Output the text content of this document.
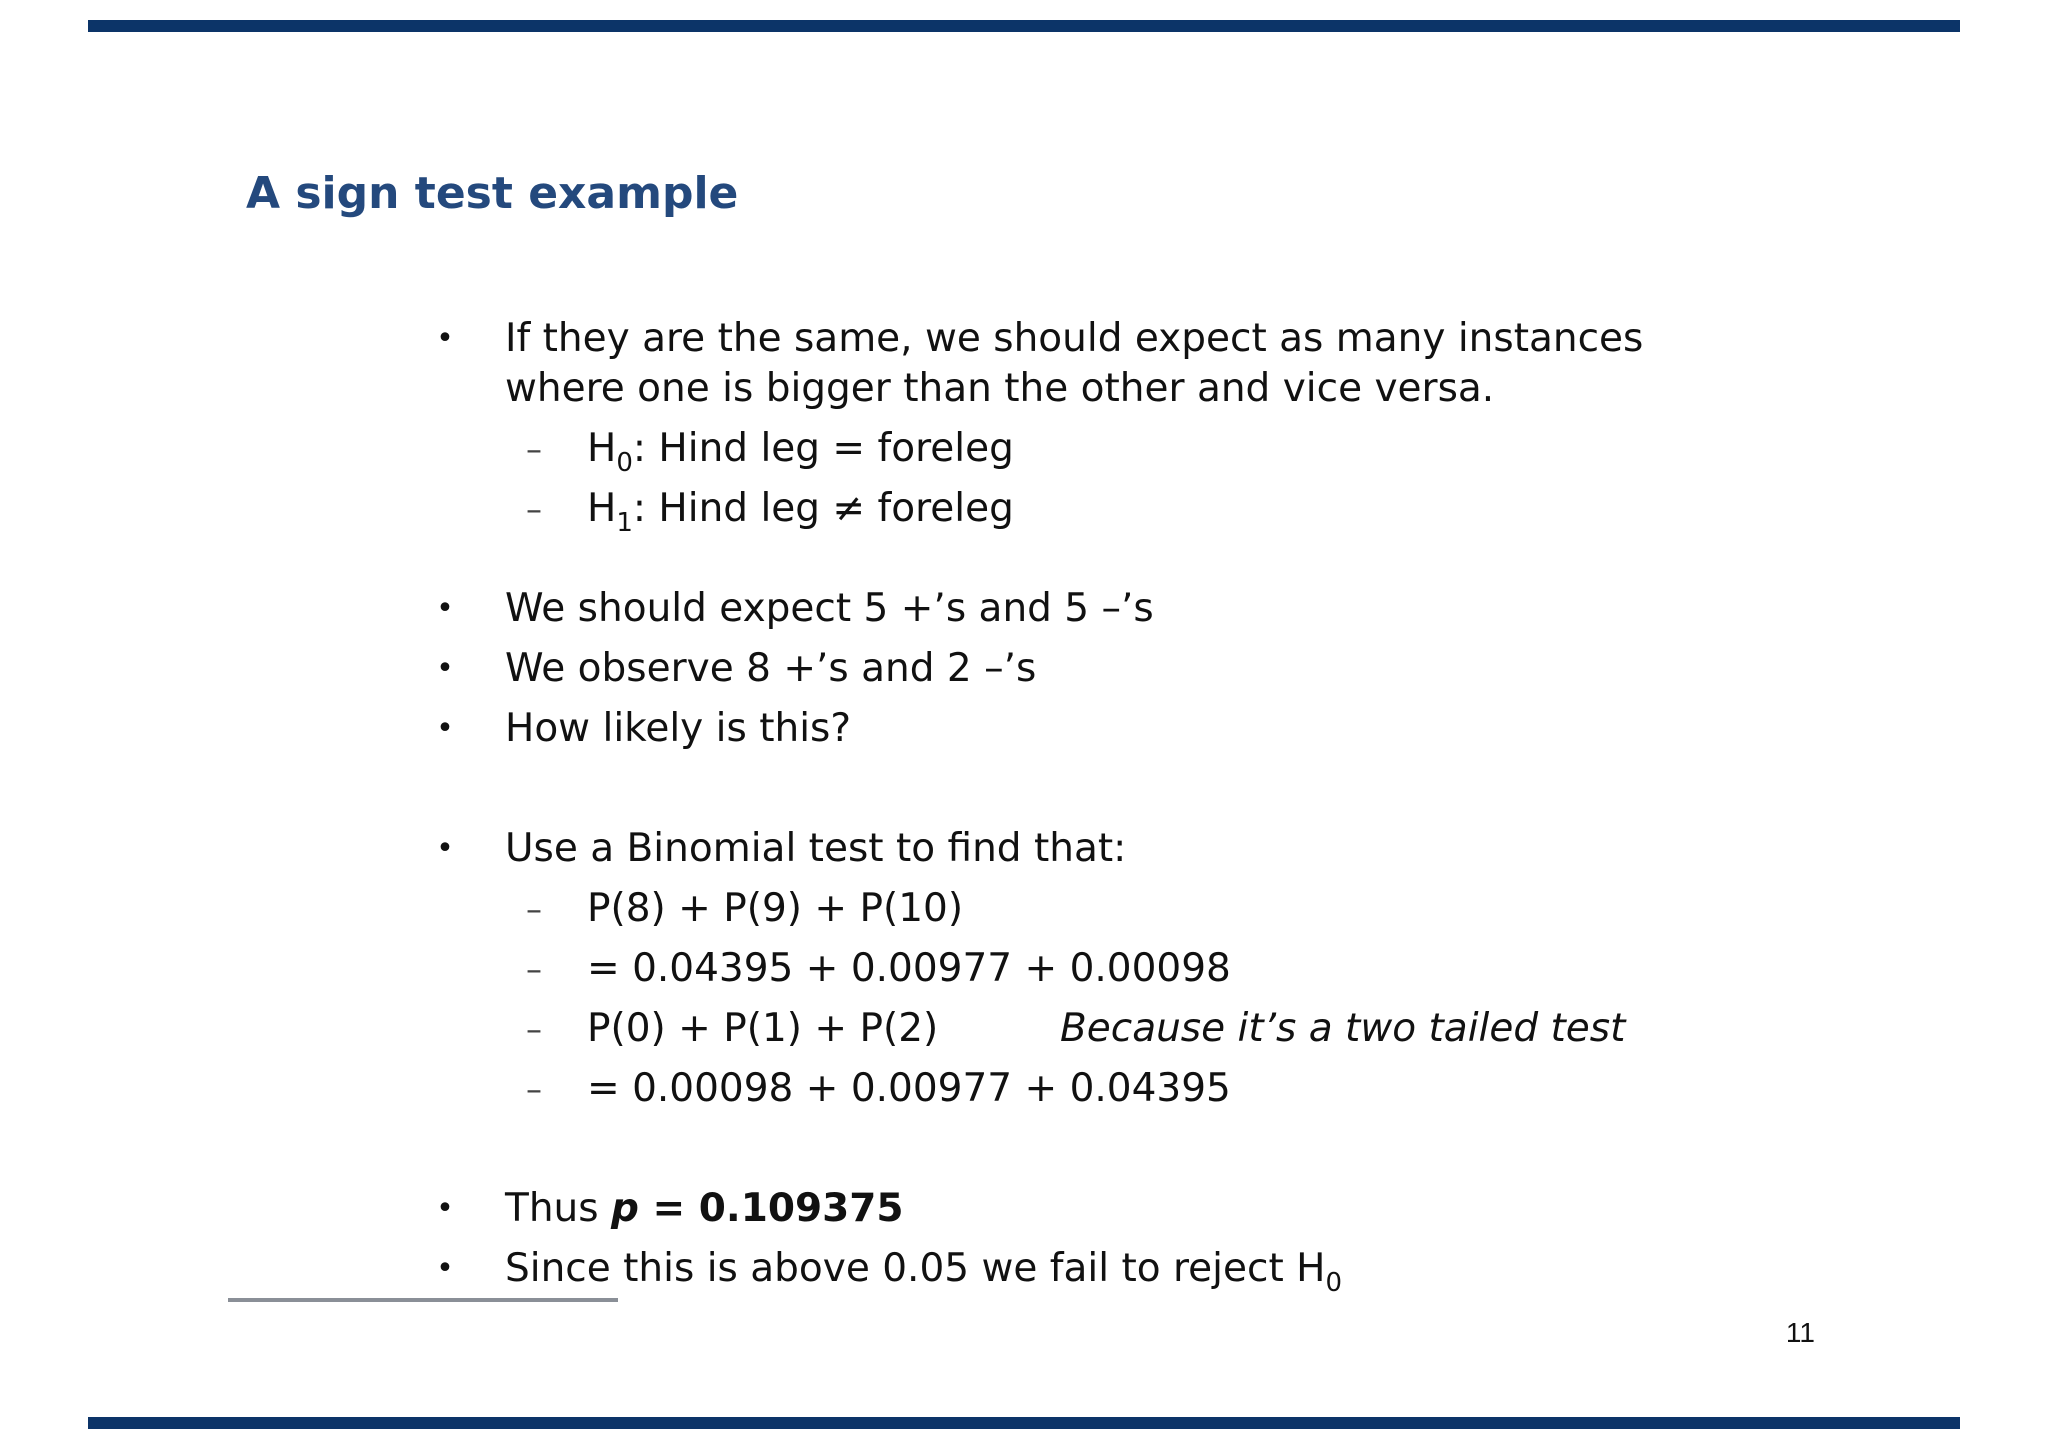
A sign test example
• If they are the same, we should expect as many instances
where one is bigger than the other and vice versa.
– $H_0$: Hind leg = foreleg
– $H_1$: Hind leg ≠ foreleg
• We should expect 5 +’s and 5 –’s
• We observe 8 +’s and 2 –’s
• How likely is this?
• Use a Binomial test to find that:
– P(8) + P(9) + P(10)
– = 0.04395 + 0.00977 + 0.00098
– P(0) + P(1) + P(2)	Because it’s a two tailed test
– = 0.00098 + 0.00977 + 0.04395
• Thus p = 0.109375
• Since this is above 0.05 we fail to reject $H_0$
11
